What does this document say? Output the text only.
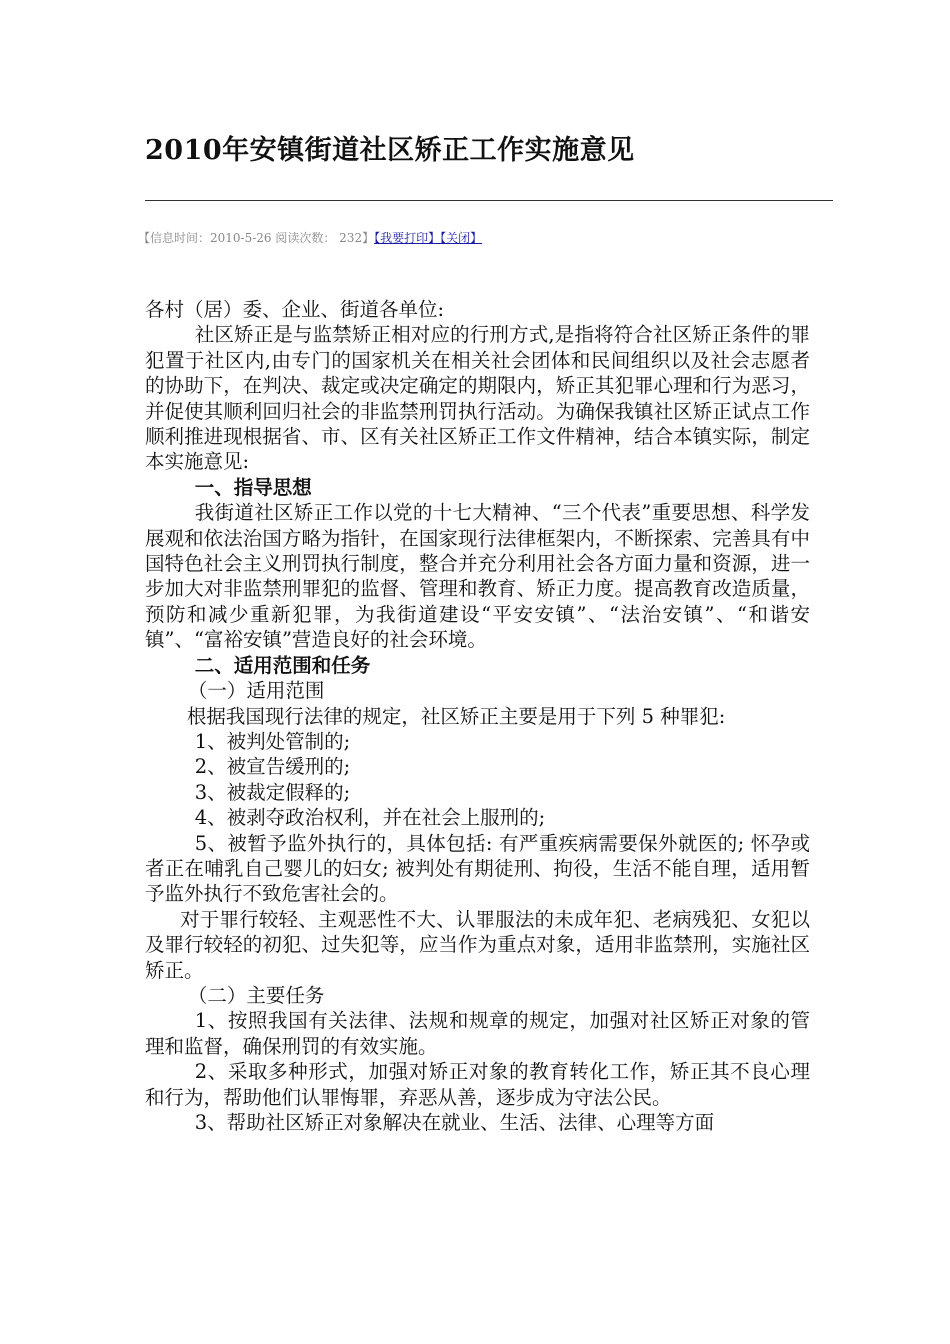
2010年安镇街道社区矫正工作实施意见
【信息时间：2010-5-26 阅读次数： 232】【我要打印】【关闭】

各村（居）委、企业、街道各单位:

社区矫正是与监禁矫正相对应的行刑方式,是指将符合社区矫正条件的罪犯置于社区内,由专门的国家机关在相关社会团体和民间组织以及社会志愿者的协助下，在判决、裁定或决定确定的期限内，矫正其犯罪心理和行为恶习，并促使其顺利回归社会的非监禁刑罚执行活动。为确保我镇社区矫正试点工作顺利推进现根据省、市、区有关社区矫正工作文件精神，结合本镇实际，制定本实施意见:

一、指导思想

我街道社区矫正工作以党的十七大精神、“三个代表”重要思想、科学发展观和依法治国方略为指针，在国家现行法律框架内，不断探索、完善具有中国特色社会主义刑罚执行制度，整合并充分利用社会各方面力量和资源，进一步加大对非监禁刑罪犯的监督、管理和教育、矫正力度。提高教育改造质量，预防和减少重新犯罪，为我街道建设“平安安镇”、“法治安镇”、“和谐安镇”、“富裕安镇”营造良好的社会环境。

二、适用范围和任务

（一）适用范围

根据我国现行法律的规定，社区矫正主要是用于下列 5 种罪犯:

1、被判处管制的;

2、被宣告缓刑的;

3、被裁定假释的;

4、被剥夺政治权利，并在社会上服刑的;

5、被暂予监外执行的，具体包括: 有严重疾病需要保外就医的; 怀孕或者正在哺乳自己婴儿的妇女; 被判处有期徒刑、拘役，生活不能自理，适用暂予监外执行不致危害社会的。

对于罪行较轻、主观恶性不大、认罪服法的未成年犯、老病残犯、女犯以及罪行较轻的初犯、过失犯等，应当作为重点对象，适用非监禁刑，实施社区矫正。

（二）主要任务

1、按照我国有关法律、法规和规章的规定，加强对社区矫正对象的管理和监督，确保刑罚的有效实施。

2、采取多种形式，加强对矫正对象的教育转化工作，矫正其不良心理和行为，帮助他们认罪悔罪，弃恶从善，逐步成为守法公民。

3、帮助社区矫正对象解决在就业、生活、法律、心理等方面
